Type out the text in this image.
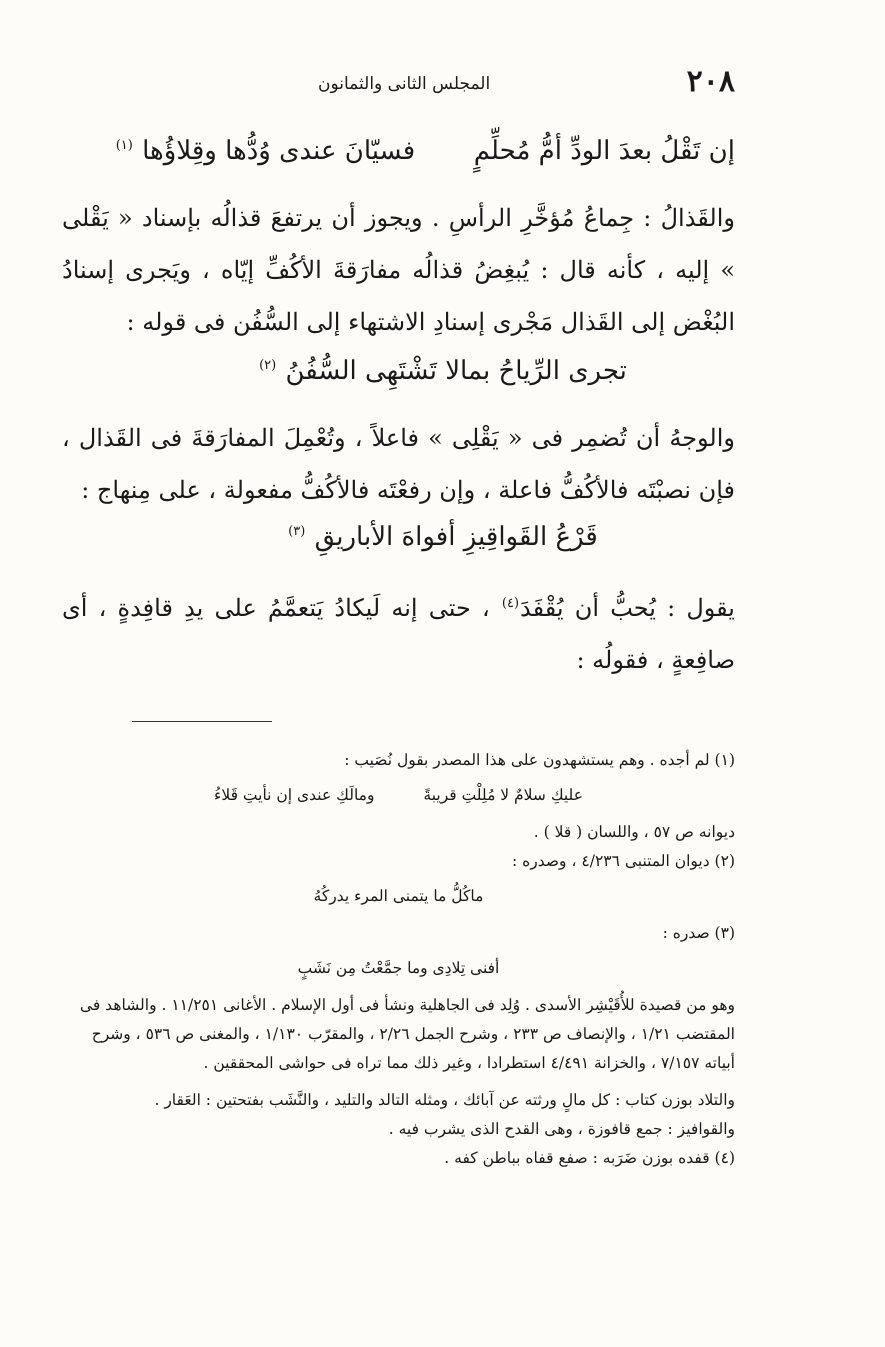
٢٠٨
المجلس الثانى والثمانون
إن تَقْلُ بعدَ الودِّ أمُّ مُحلِّمٍ  فسيّانَ عندى وُدُّها وقِلاؤُها $^{(١)}$
والقَذالُ : جِماعُ مُؤخَّرِ الرأسِ . ويجوز أن يرتفعَ قذالُه بإسناد « يَقْلى » إليه ، كأنه قال : يُبغِضُ قذالُه مفارَقةَ الأكُفِّ إيّاه ، ويَجرى إسنادُ البُغْض إلى القَذال مَجْرى إسنادِ الاشتهاء إلى السُّفُن فى قوله :
تجرى الرِّياحُ بمالا تَشْتَهِى السُّفُنُ $^{(٢)}$
والوجهُ أن تُضمِر فى « يَقْلِى » فاعلاً ، وتُعْمِلَ المفارَقةَ فى القَذال ، فإن نصبْتَه فالأكُفُّ فاعلة ، وإن رفعْتَه فالأكُفُّ مفعولة ، على مِنهاج :
قَرْعُ القَواقِيزِ أفواهَ الأباريقِ $^{(٣)}$
يقول : يُحبُّ أن يُقْفَدَ$^{(٤)}$ ، حتى إنه لَيكادُ يَتعمَّمُ على يدِ قافِدةٍ ، أى صافِعةٍ ، فقولُه :

(١) لم أجده . وهم يستشهدون على هذا المصدر بقول نُصَيب :

عليكِ سلامٌ لا مُلِلْتِ قريبةً ومالَكِ عندى إن نأيتِ قَلاءُ

ديوانه ص ٥٧ ، واللسان ( قلا ) .

(٢) ديوان المتنبى ٤/٢٣٦ ، وصدره :

ماكُلُّ ما يتمنى المرء يدركُهُ

(٣) صدره :

أفنى تِلادِى وما جمَّعْتُ مِن نَشَبٍ

وهو من قصيدة للأُقَيْشِر الأسدى . وُلِد فى الجاهلية ونشأ فى أول الإسلام . الأغانى ١١/٢٥١ . والشاهد فى المقتضب ١/٢١ ، والإنصاف ص ٢٣٣ ، وشرح الجمل ٢/٢٦ ، والمقرّب ١/١٣٠ ، والمغنى ص ٥٣٦ ، وشرح أبياته ٧/١٥٧ ، والخزانة ٤/٤٩١ استطرادا ، وغير ذلك مما تراه فى حواشى المحققين .

والتلاد بوزن كتاب : كل مالٍ ورثته عن آبائك ، ومثله التالد والتليد ، والنَّشَب بفتحتين : العَقار .

والقوافيز : جمع قافوزة ، وهى القدح الذى يشرب فيه .

(٤) قفده بوزن ضَرَبه : صفع قفاه بباطن كفه .
